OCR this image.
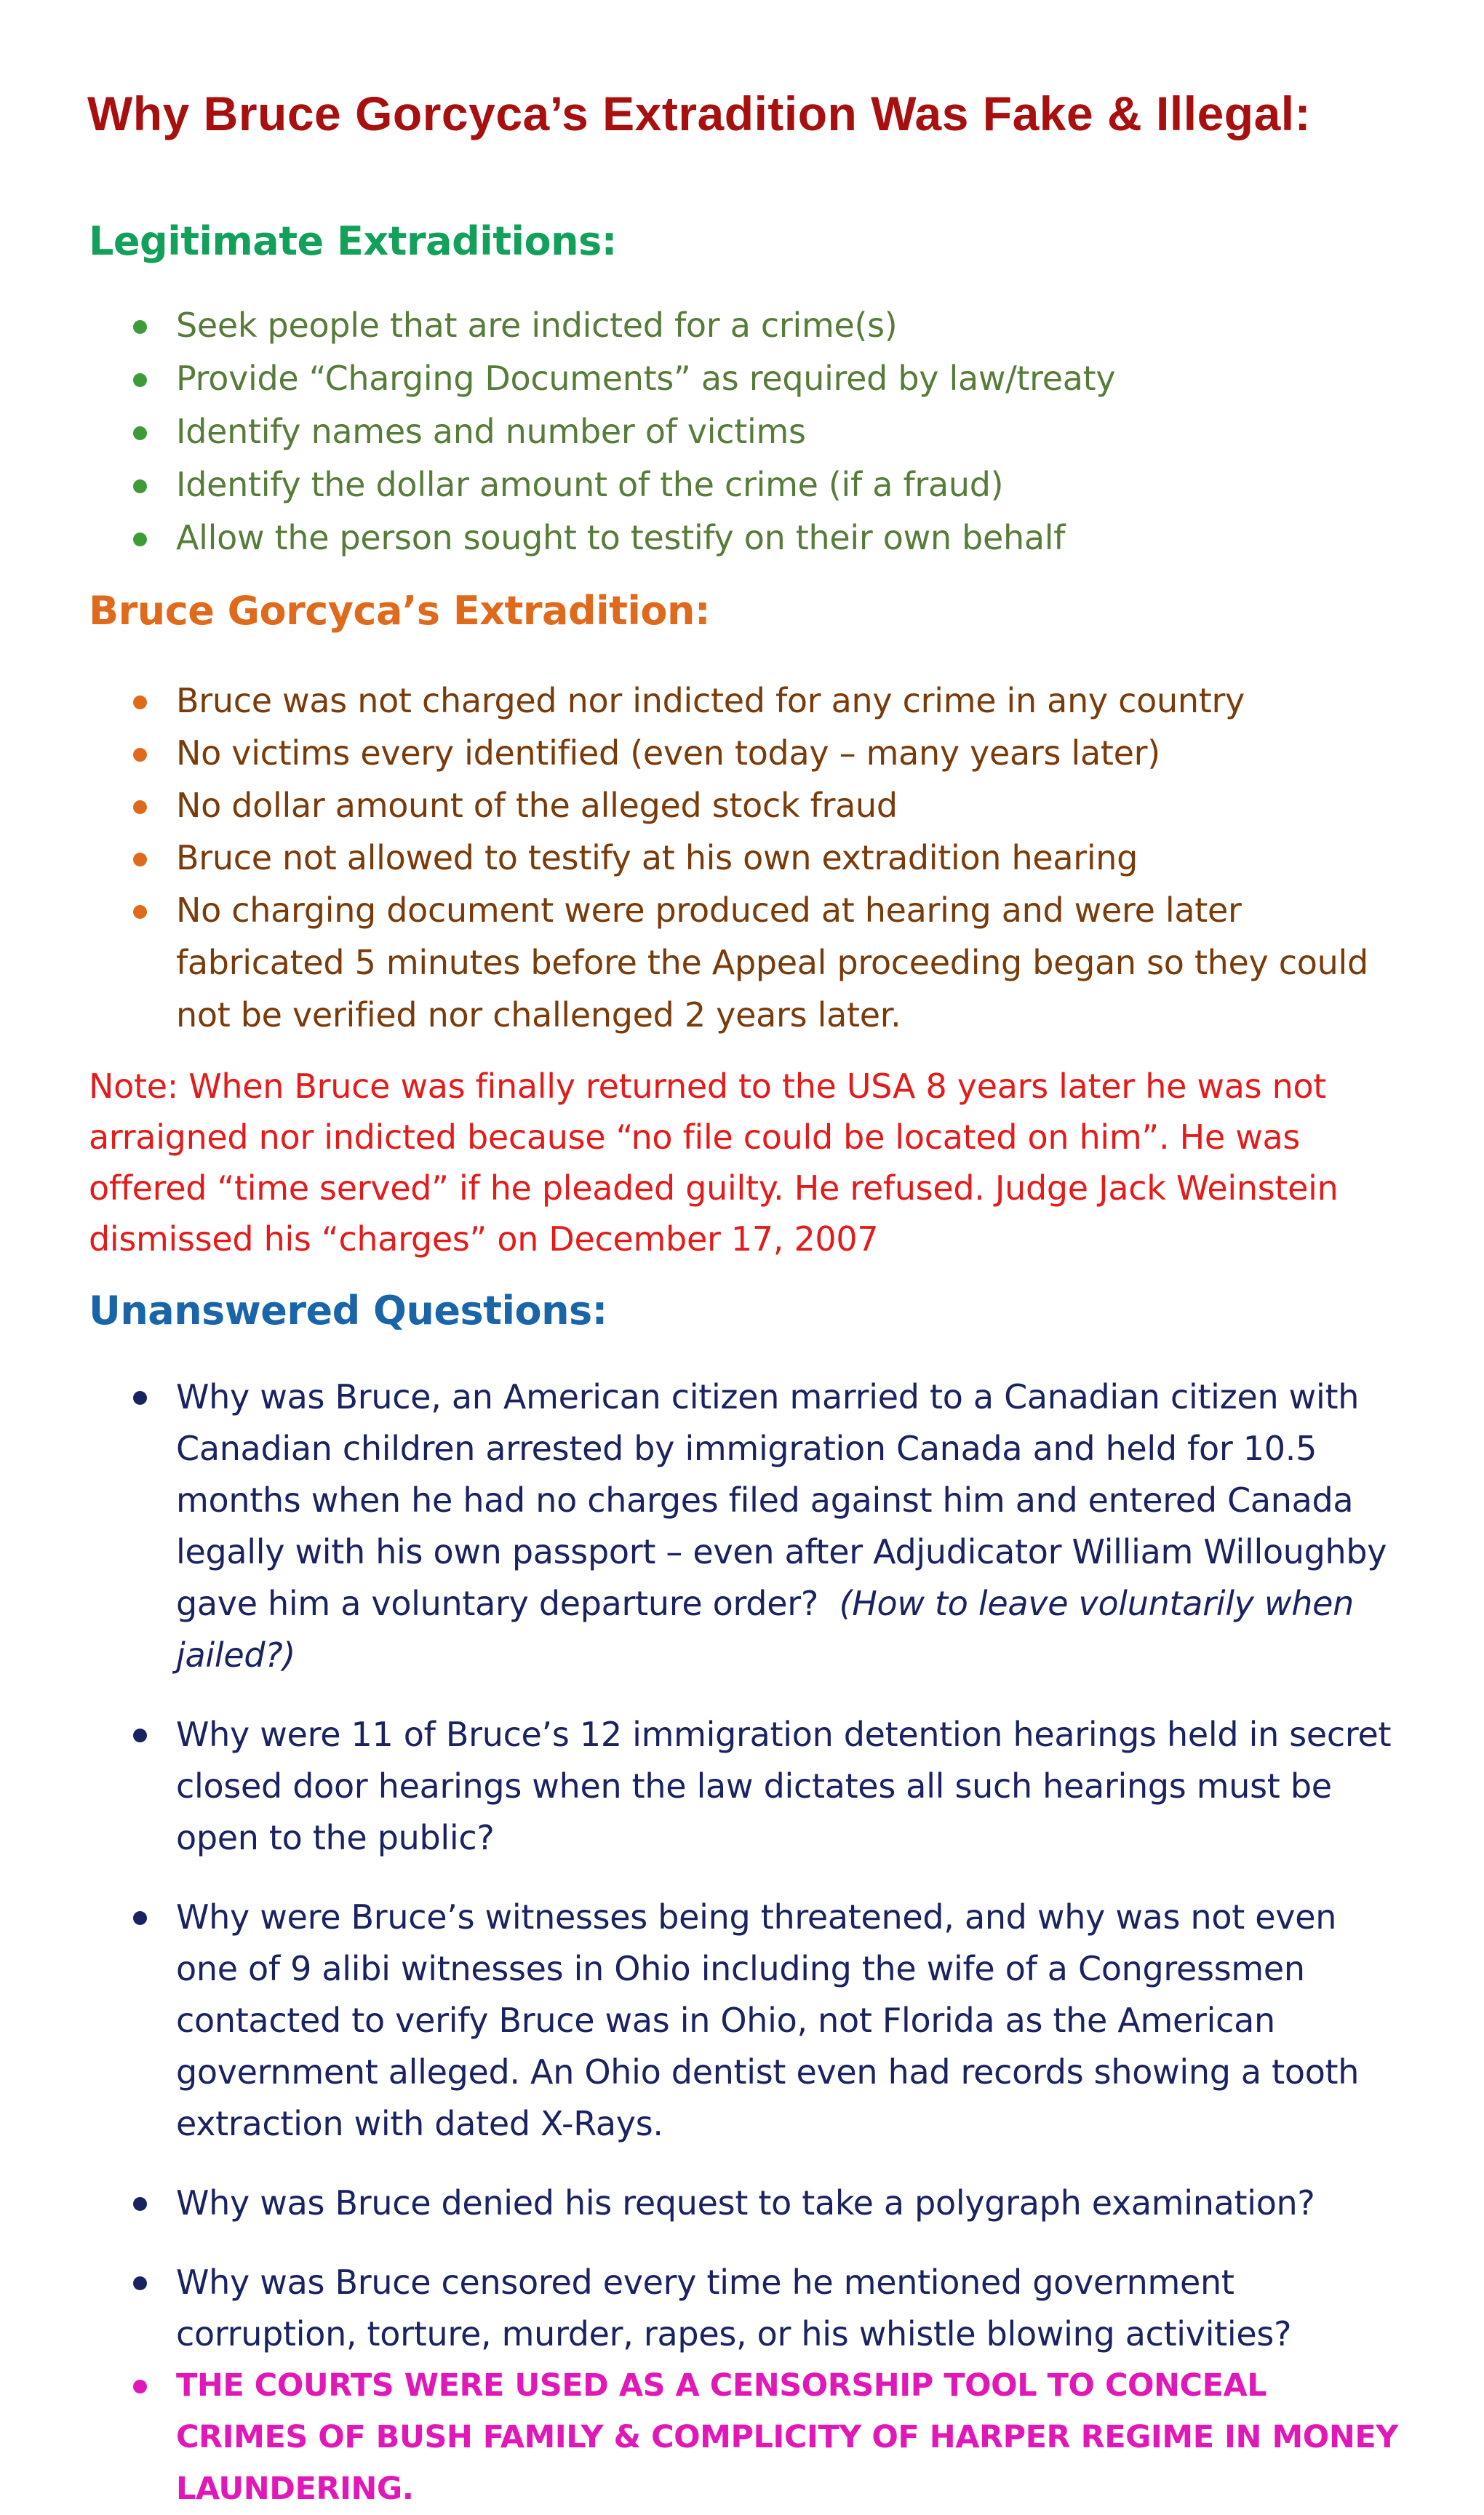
Why Bruce Gorcyca’s Extradition Was Fake & Illegal:
Legitimate Extraditions:
Seek people that are indicted for a crime(s)
Provide “Charging Documents” as required by law/treaty
Identify names and number of victims
Identify the dollar amount of the crime (if a fraud)
Allow the person sought to testify on their own behalf
Bruce Gorcyca’s Extradition:
Bruce was not charged nor indicted for any crime in any country
No victims every identified (even today – many years later)
No dollar amount of the alleged stock fraud
Bruce not allowed to testify at his own extradition hearing
No charging document were produced at hearing and were later fabricated 5 minutes before the Appeal proceeding began so they could not be verified nor challenged 2 years later.

Note: When Bruce was finally returned to the USA 8 years later he was not arraigned nor indicted because “no file could be located on him”. He was offered “time served” if he pleaded guilty. He refused. Judge Jack Weinstein dismissed his “charges” on December 17, 2007

Unanswered Questions:
Why was Bruce, an American citizen married to a Canadian citizen with Canadian children arrested by immigration Canada and held for 10.5 months when he had no charges filed against him and entered Canada legally with his own passport – even after Adjudicator William Willoughby gave him a voluntary departure order? (How to leave voluntarily when jailed?)
Why were 11 of Bruce’s 12 immigration detention hearings held in secret closed door hearings when the law dictates all such hearings must be open to the public?
Why were Bruce’s witnesses being threatened, and why was not even one of 9 alibi witnesses in Ohio including the wife of a Congressmen contacted to verify Bruce was in Ohio, not Florida as the American government alleged. An Ohio dentist even had records showing a tooth extraction with dated X-Rays.
Why was Bruce denied his request to take a polygraph examination?
Why was Bruce censored every time he mentioned government corruption, torture, murder, rapes, or his whistle blowing activities?
THE COURTS WERE USED AS A CENSORSHIP TOOL TO CONCEAL CRIMES OF BUSH FAMILY & COMPLICITY OF HARPER REGIME IN MONEY LAUNDERING.
